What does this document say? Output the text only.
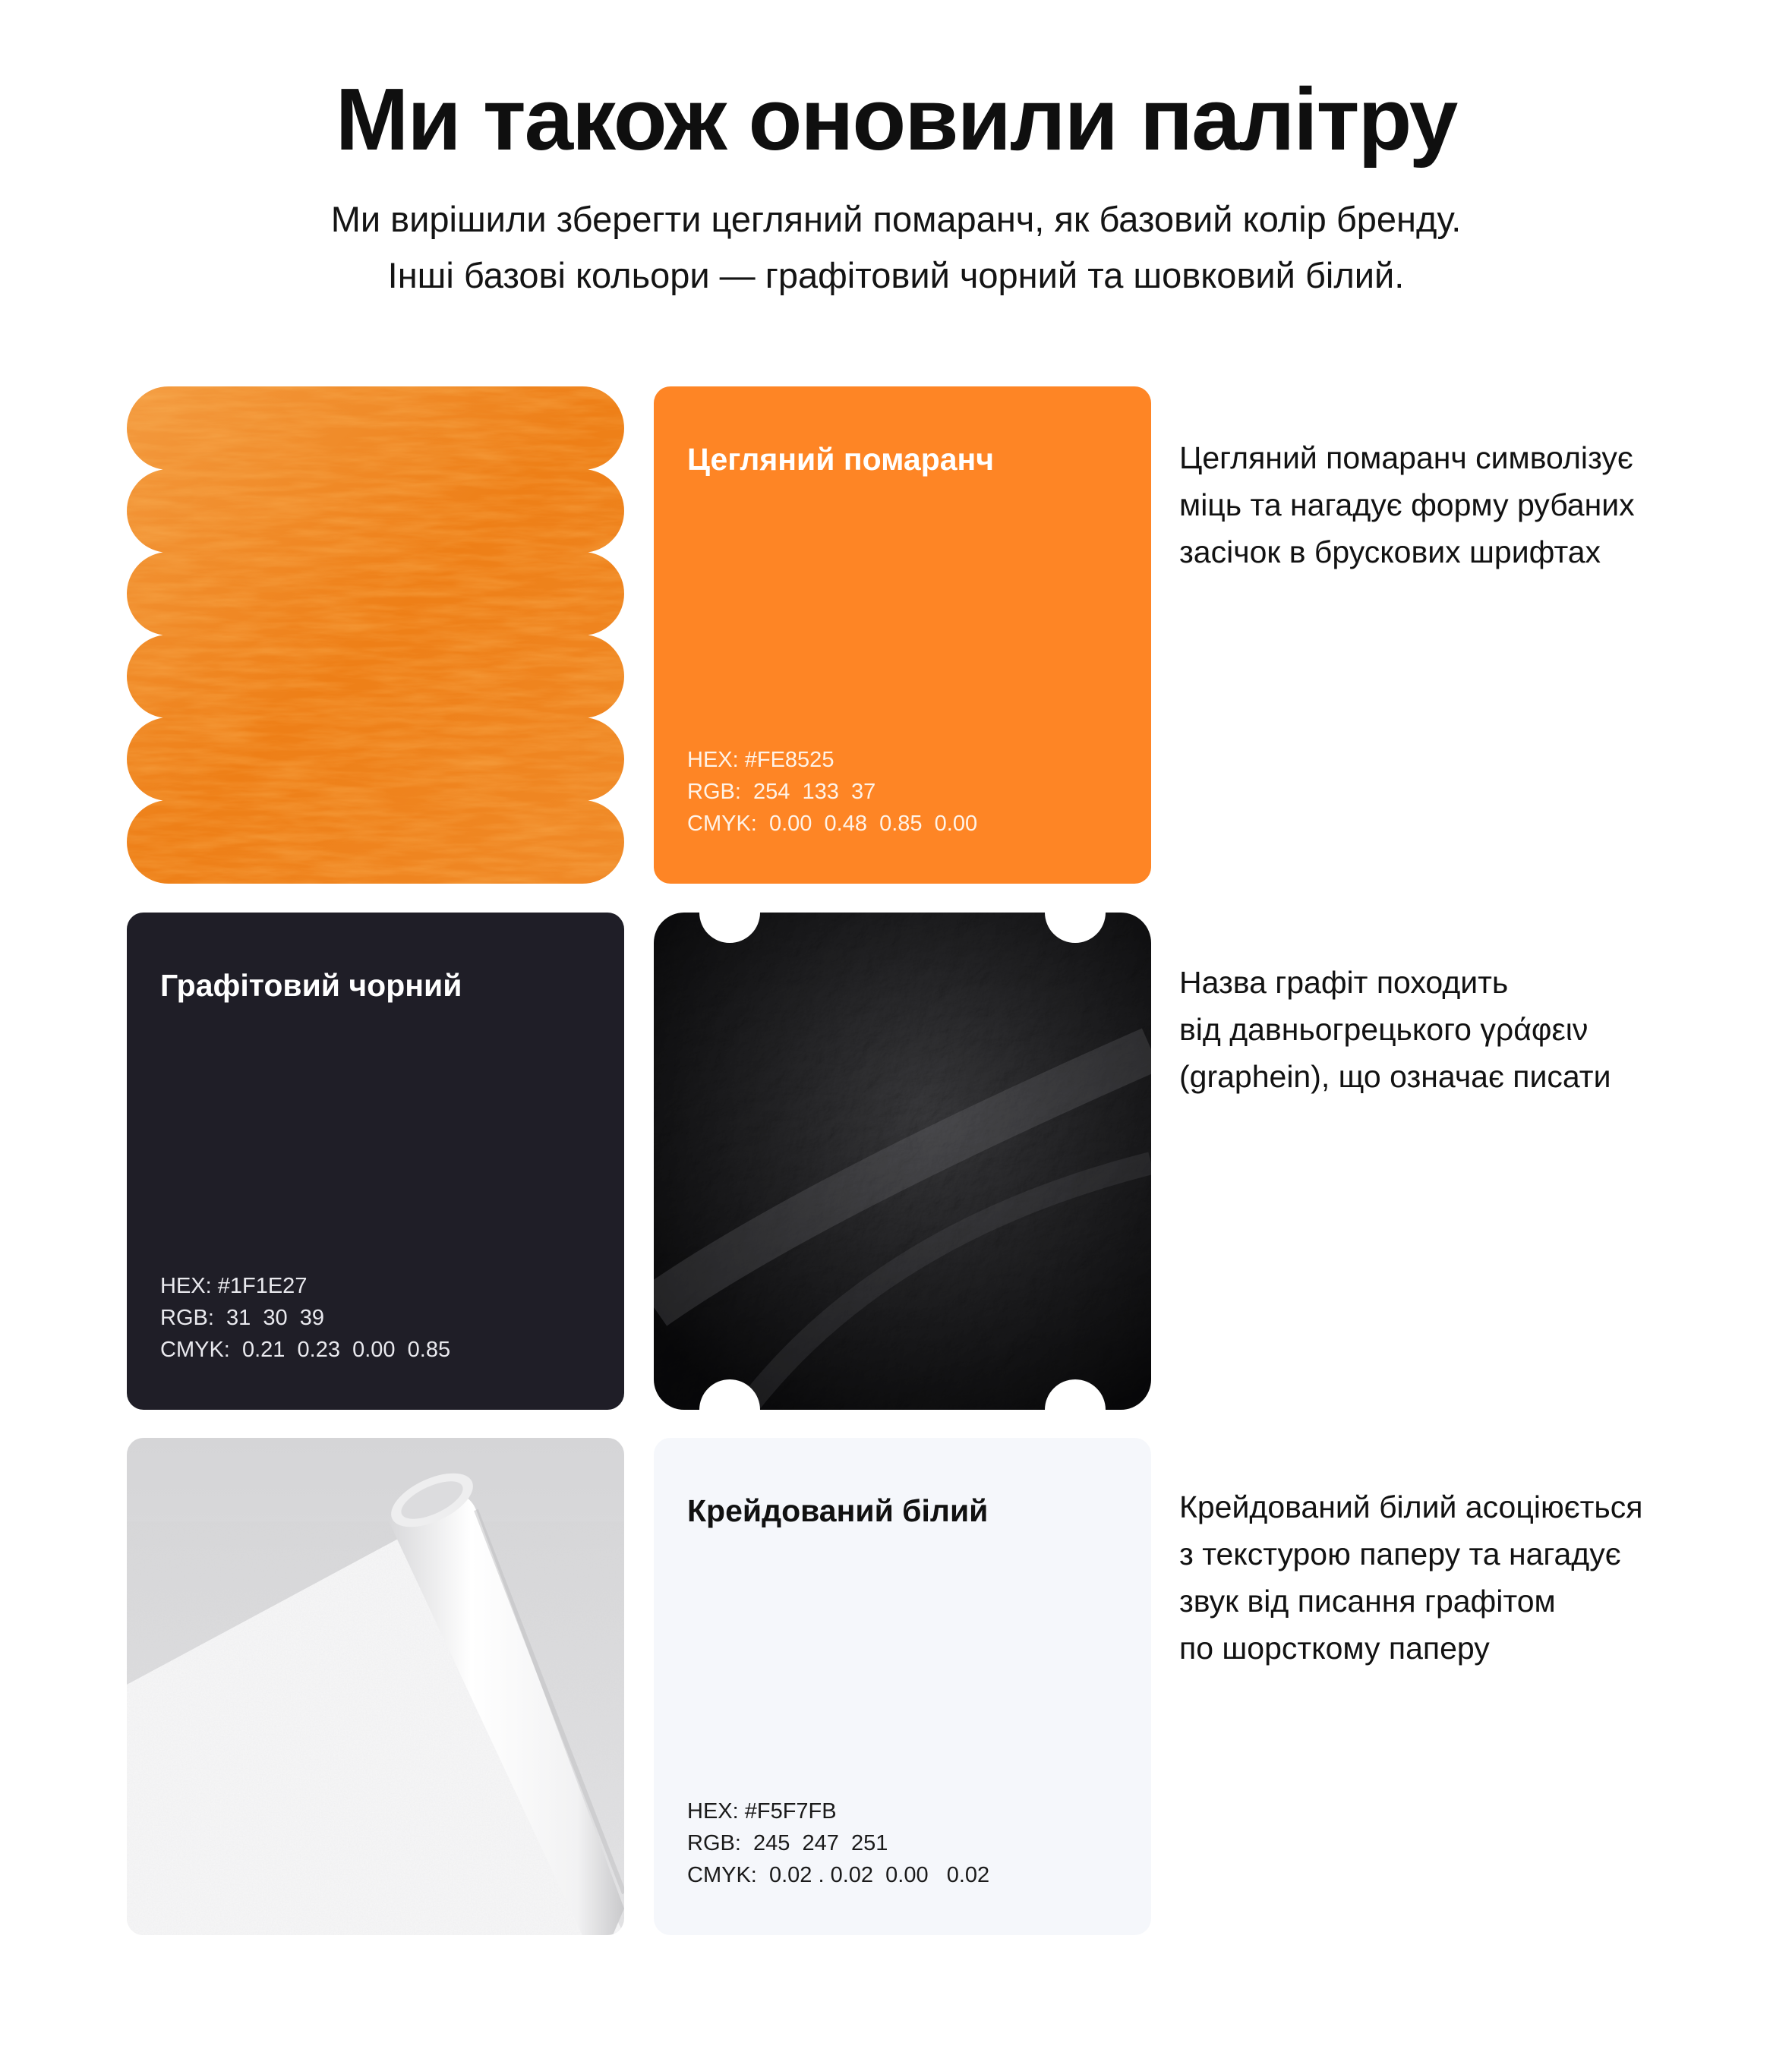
Ми також оновили палітру
Ми вирішили зберегти цегляний помаранч, як базовий колір бренду.
Інші базові кольори — графітовий чорний та шовковий білий.
Цегляний помаранч
HEX: #FE8525
RGB:  254  133  37
CMYK:  0.00  0.48  0.85  0.00
Цегляний помаранч символізує
міць та нагадує форму рубаних
засічок в брускових шрифтах
Графітовий чорний
HEX: #1F1E27
RGB:  31  30  39
CMYK:  0.21  0.23  0.00  0.85
Назва графіт походить
від давньогрецького γράφειν
(graphein), що означає писати
Крейдований білий
HEX: #F5F7FB
RGB:  245  247  251
CMYK:  0.02 . 0.02  0.00   0.02
Крейдований білий асоціюється
з текстурою паперу та нагадує
звук від писання графітом
по шорсткому паперу
